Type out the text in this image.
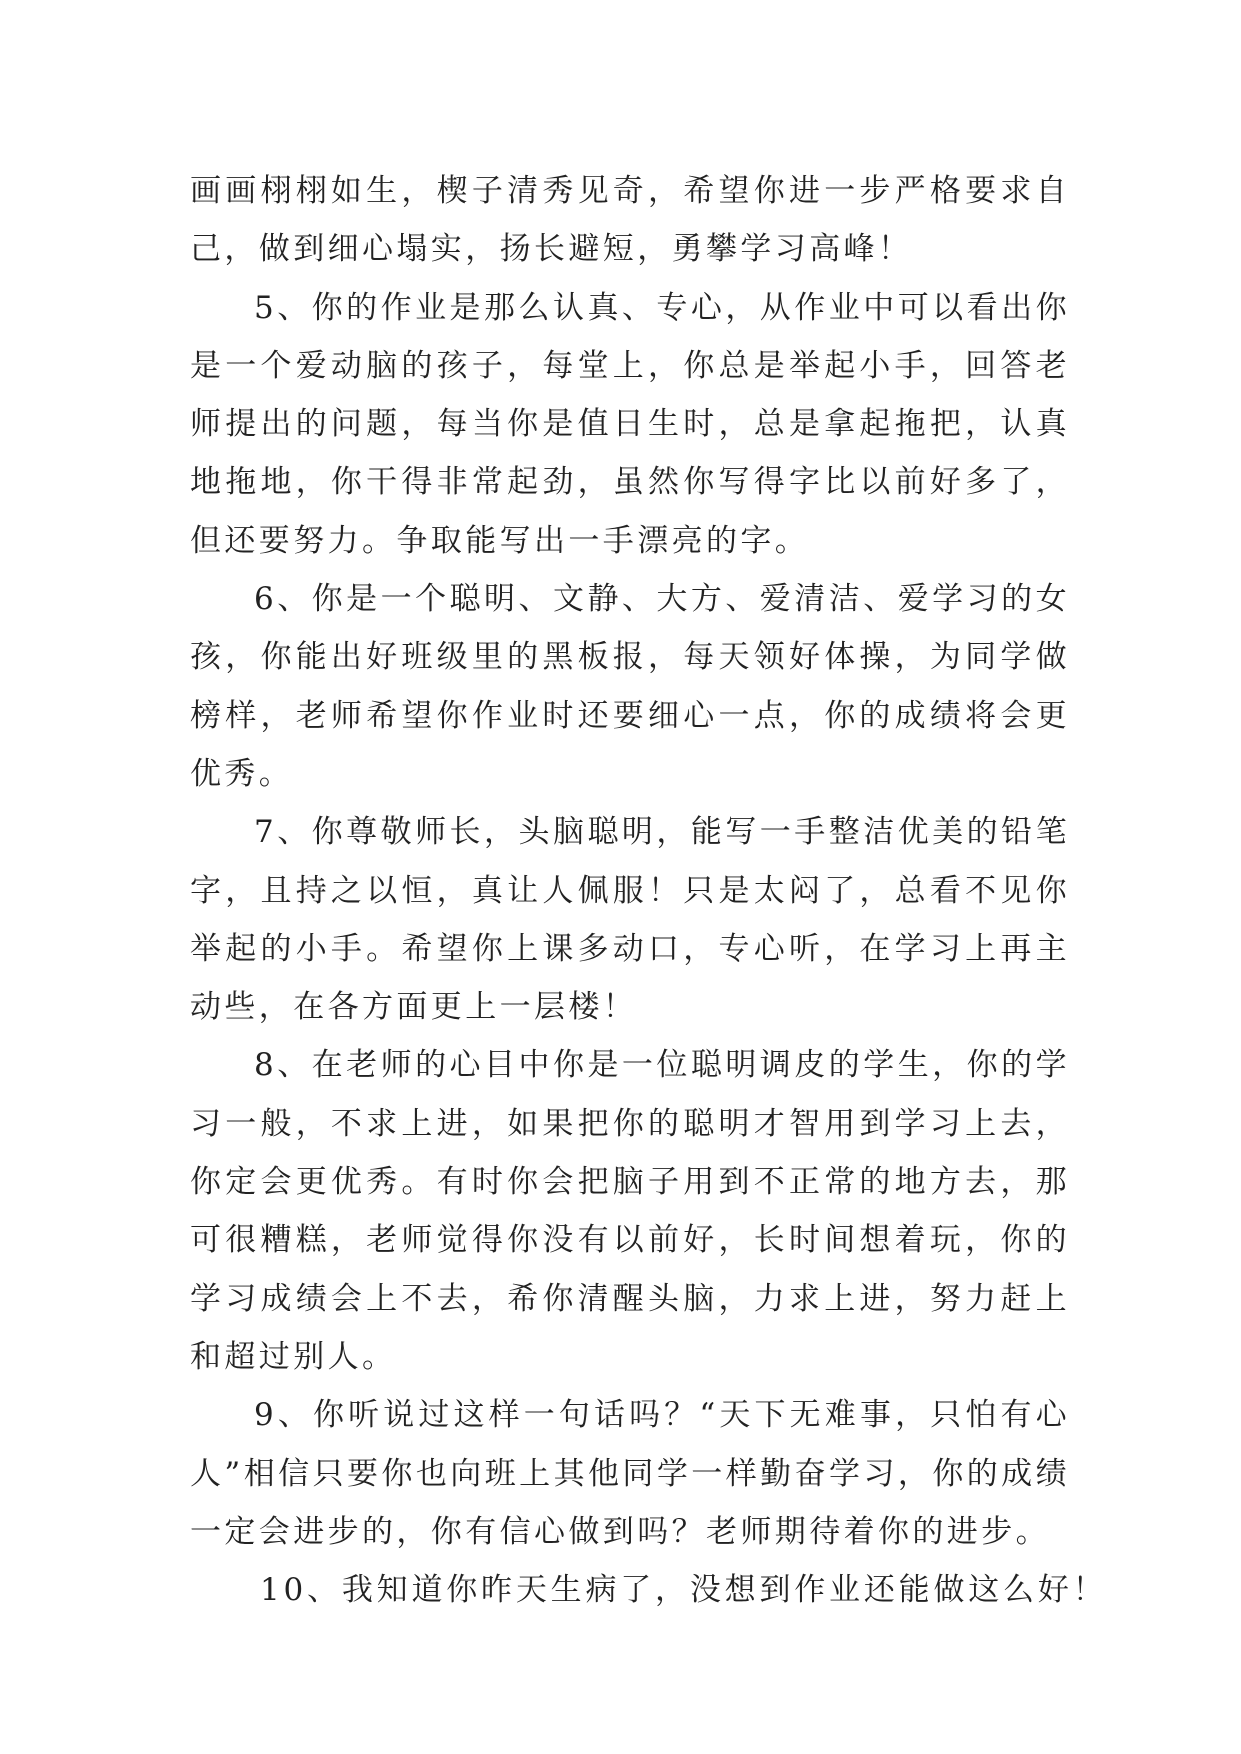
画画栩栩如生，楔子清秀见奇，希望你进一步严格要求自己，做到细心塌实，扬长避短，勇攀学习高峰！

5、你的作业是那么认真、专心，从作业中可以看出你是一个爱动脑的孩子，每堂上，你总是举起小手，回答老师提出的问题，每当你是值日生时，总是拿起拖把，认真地拖地，你干得非常起劲，虽然你写得字比以前好多了，但还要努力。争取能写出一手漂亮的字。

6、你是一个聪明、文静、大方、爱清洁、爱学习的女孩，你能出好班级里的黑板报，每天领好体操，为同学做榜样，老师希望你作业时还要细心一点，你的成绩将会更优秀。

7、你尊敬师长，头脑聪明，能写一手整洁优美的铅笔字，且持之以恒，真让人佩服！只是太闷了，总看不见你举起的小手。希望你上课多动口，专心听，在学习上再主动些，在各方面更上一层楼！

8、在老师的心目中你是一位聪明调皮的学生，你的学习一般，不求上进，如果把你的聪明才智用到学习上去，你定会更优秀。有时你会把脑子用到不正常的地方去，那可很糟糕，老师觉得你没有以前好，长时间想着玩，你的学习成绩会上不去，希你清醒头脑，力求上进，努力赶上和超过别人。

9、你听说过这样一句话吗？“天下无难事，只怕有心人”相信只要你也向班上其他同学一样勤奋学习，你的成绩一定会进步的，你有信心做到吗？老师期待着你的进步。

10、我知道你昨天生病了，没想到作业还能做这么好！
